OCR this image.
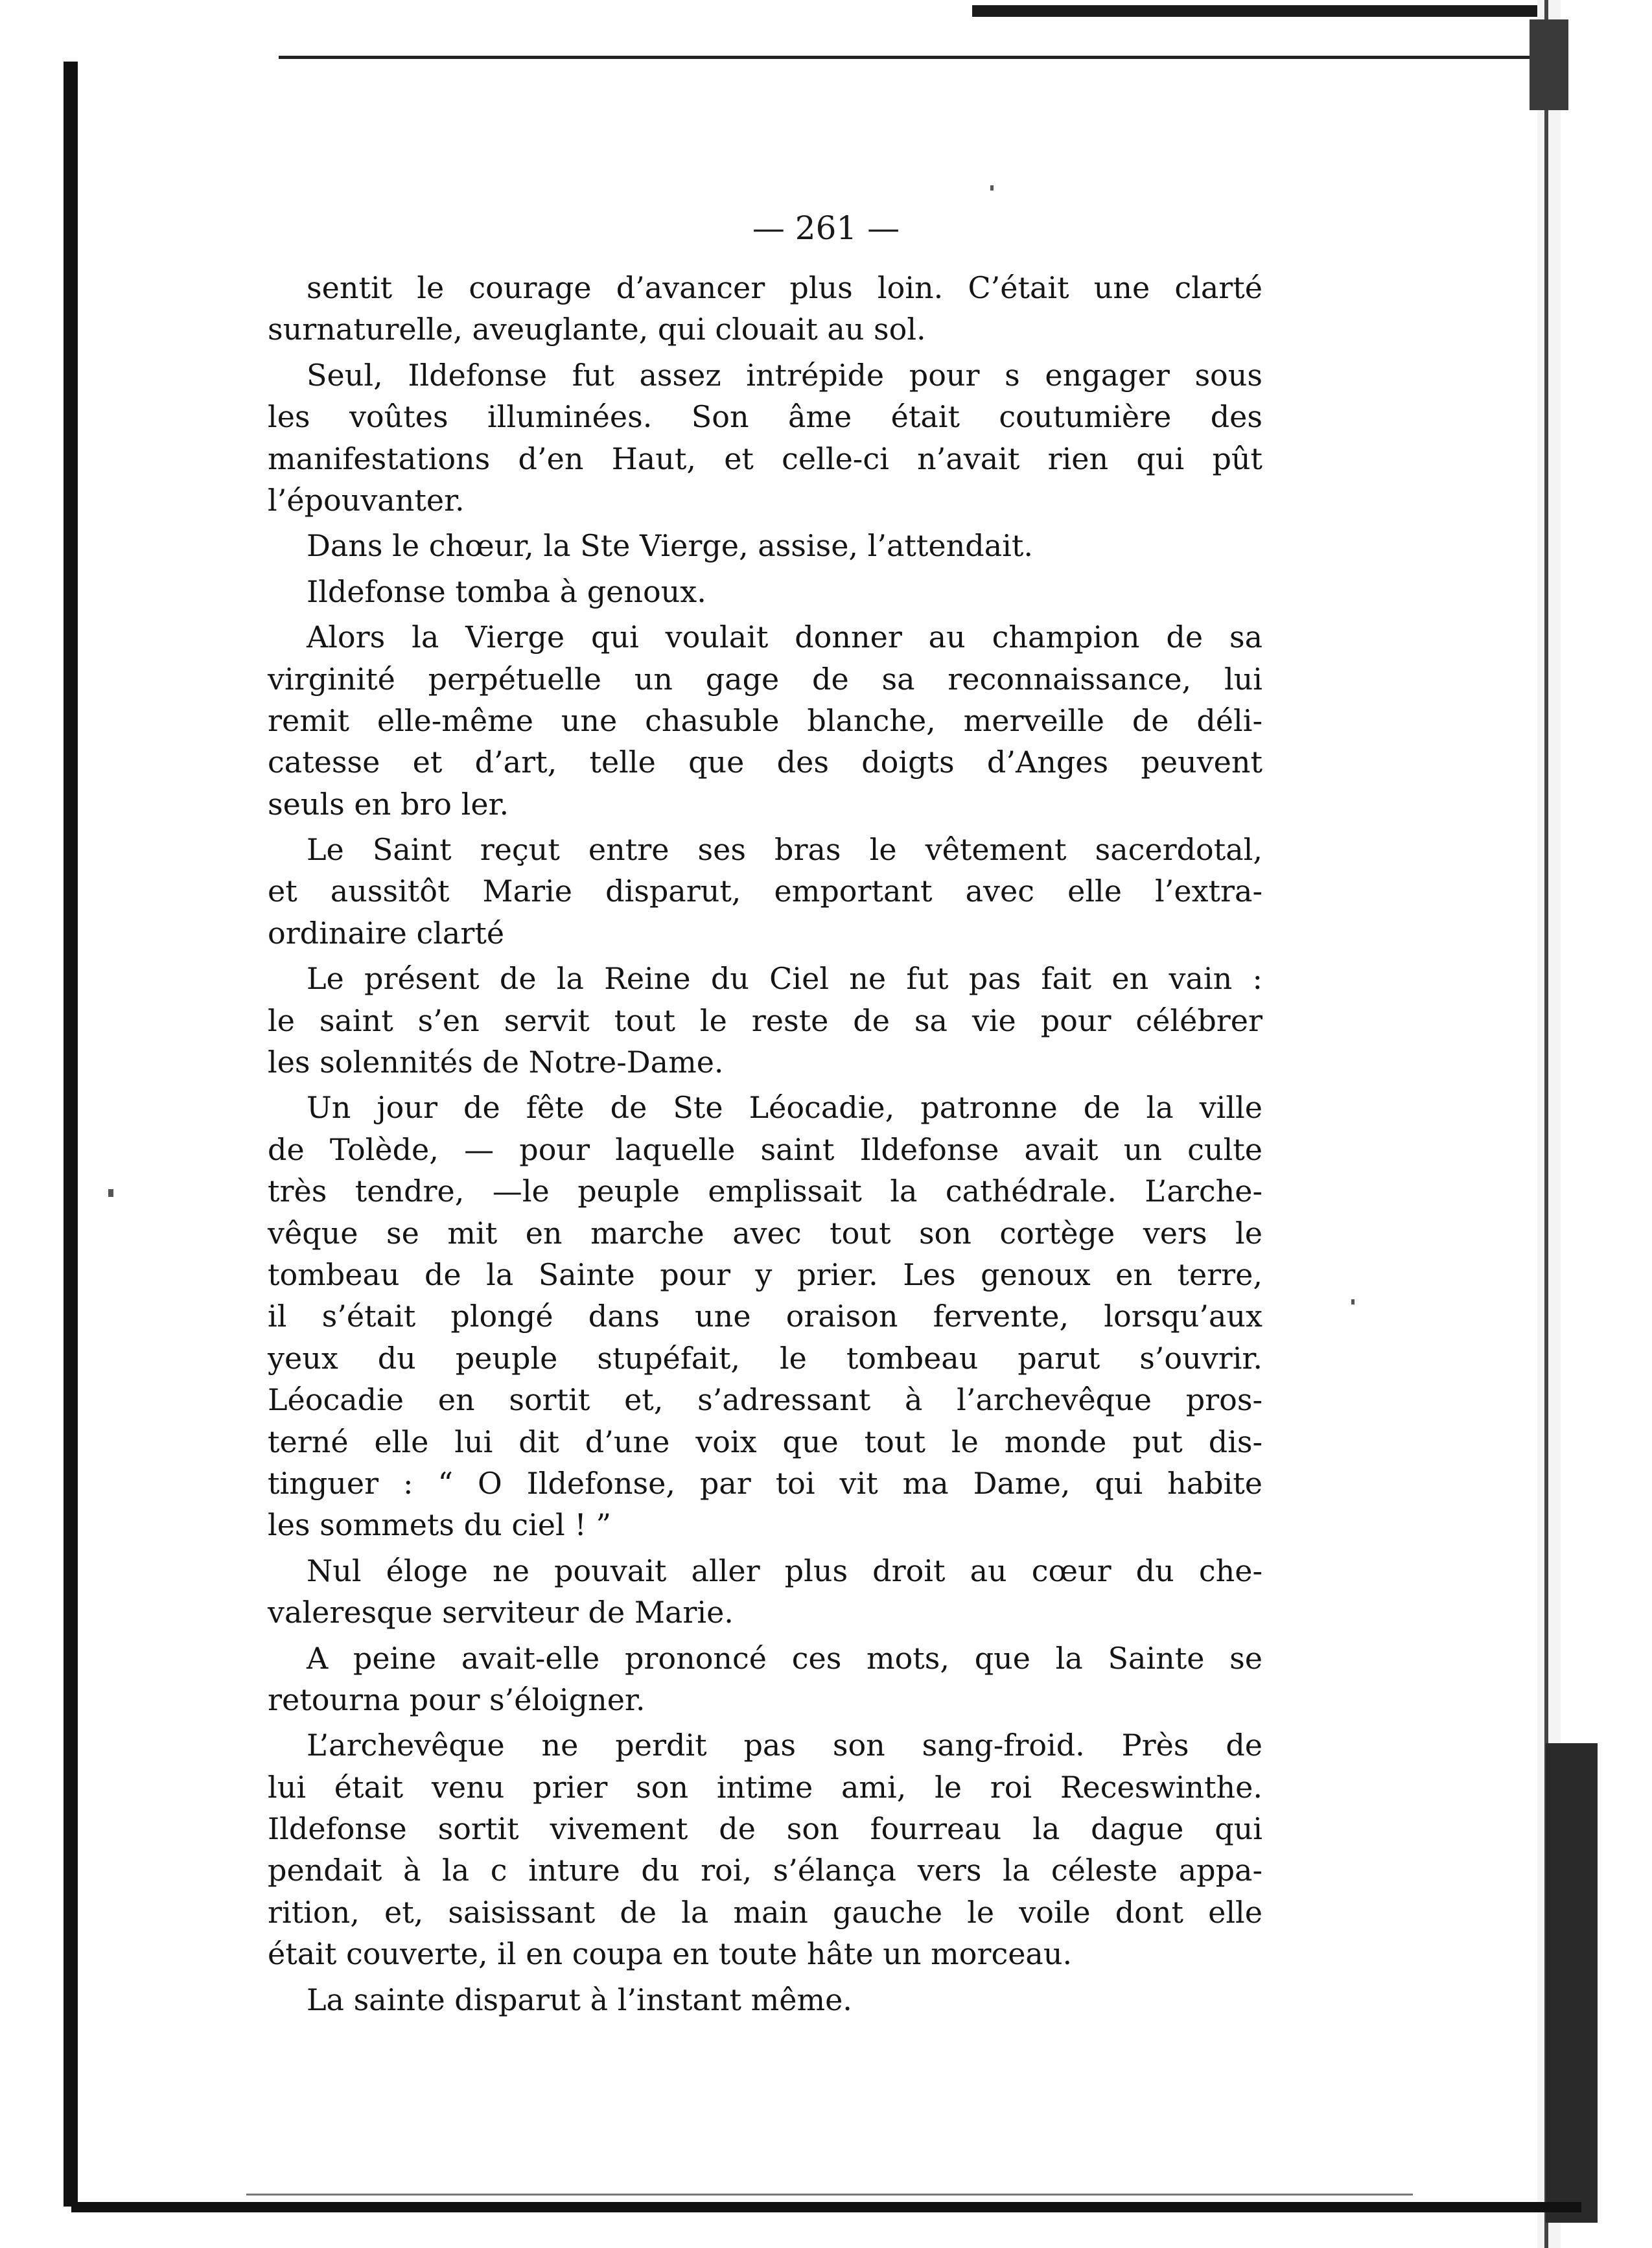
— 261 —
sentit le courage d’avancer plus loin. C’était une clarté
surnaturelle, aveuglante, qui clouait au sol.
Seul, Ildefonse fut assez intrépide pour s engager sous
les voûtes illuminées. Son âme était coutumière des
manifestations d’en Haut, et celle-ci n’avait rien qui pût
l’épouvanter.
Dans le chœur, la Ste Vierge, assise, l’attendait.
Ildefonse tomba à genoux.
Alors la Vierge qui voulait donner au champion de sa
virginité perpétuelle un gage de sa reconnaissance, lui
remit elle-même une chasuble blanche, merveille de déli-
catesse et d’art, telle que des doigts d’Anges peuvent
seuls en bro ler.
Le Saint reçut entre ses bras le vêtement sacerdotal,
et aussitôt Marie disparut, emportant avec elle l’extra-
ordinaire clarté
Le présent de la Reine du Ciel ne fut pas fait en vain :
le saint s’en servit tout le reste de sa vie pour célébrer
les solennités de Notre-Dame.
Un jour de fête de Ste Léocadie, patronne de la ville
de Tolède, — pour laquelle saint Ildefonse avait un culte
très tendre, —le peuple emplissait la cathédrale. L’arche-
vêque se mit en marche avec tout son cortège vers le
tombeau de la Sainte pour y prier. Les genoux en terre,
il s’était plongé dans une oraison fervente, lorsqu’aux
yeux du peuple stupéfait, le tombeau parut s’ouvrir.
Léocadie en sortit et, s’adressant à l’archevêque pros-
terné elle lui dit d’une voix que tout le monde put dis-
tinguer : “ O Ildefonse, par toi vit ma Dame, qui habite
les sommets du ciel ! ”
Nul éloge ne pouvait aller plus droit au cœur du che-
valeresque serviteur de Marie.
A peine avait-elle prononcé ces mots, que la Sainte se
retourna pour s’éloigner.
L’archevêque ne perdit pas son sang-froid. Près de
lui était venu prier son intime ami, le roi Receswinthe.
Ildefonse sortit vivement de son fourreau la dague qui
pendait à la c inture du roi, s’élança vers la céleste appa-
rition, et, saisissant de la main gauche le voile dont elle
était couverte, il en coupa en toute hâte un morceau.
La sainte disparut à l’instant même.
